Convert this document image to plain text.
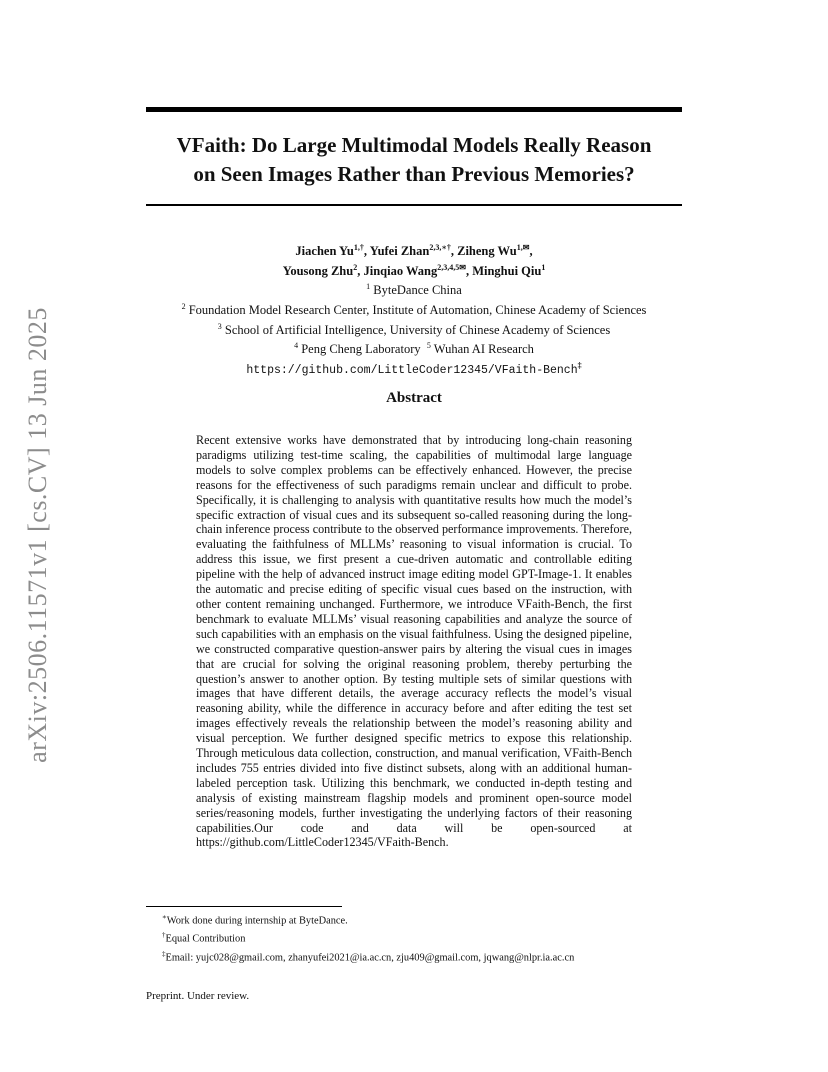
arXiv:2506.11571v1 [cs.CV] 13 Jun 2025
VFaith: Do Large Multimodal Models Really Reason
on Seen Images Rather than Previous Memories?
Jiachen $Yu^{1,\dagger}$, Yufei Zhan$^{2,3,∗\dagger}$, Ziheng $Wu^{1,✉}$,
Yousong Zhu$^2$, Jinqiao Wang$^{2,3,4,5✉}$, Minghui Qiu$^1$
$^1$ ByteDance China
$^2$ Foundation Model Research Center, Institute of Automation, Chinese Academy of Sciences
$^3$ School of Artificial Intelligence, University of Chinese Academy of Sciences
$^4$ Peng Cheng Laboratory $^5$ Wuhan AI Research
https://github.com/LittleCoder12345/VFaith-Bench‡
Abstract
Recent extensive works have demonstrated that by introducing long-chain reasoning paradigms utilizing test-time scaling, the capabilities of multimodal large language models to solve complex problems can be effectively enhanced. However, the precise reasons for the effectiveness of such paradigms remain unclear and difficult to probe. Specifically, it is challenging to analysis with quantitative results how much the model’s specific extraction of visual cues and its subsequent so-called reasoning during the long-chain inference process contribute to the observed performance improvements. Therefore, evaluating the faithfulness of MLLMs’ reasoning to visual information is crucial. To address this issue, we first present a cue-driven automatic and controllable editing pipeline with the help of advanced instruct image editing model GPT-Image-1. It enables the automatic and precise editing of specific visual cues based on the instruction, with other content remaining unchanged. Furthermore, we introduce VFaith-Bench, the first benchmark to evaluate MLLMs’ visual reasoning capabilities and analyze the source of such capabilities with an emphasis on the visual faithfulness. Using the designed pipeline, we constructed comparative question-answer pairs by altering the visual cues in images that are crucial for solving the original reasoning problem, thereby perturbing the question’s answer to another option. By testing multiple sets of similar questions with images that have different details, the average accuracy reflects the model’s visual reasoning ability, while the difference in accuracy before and after editing the test set images effectively reveals the relationship between the model’s reasoning ability and visual perception. We further designed specific metrics to expose this relationship. Through meticulous data collection, construction, and manual verification, VFaith-Bench includes 755 entries divided into five distinct subsets, along with an additional human-labeled perception task. Utilizing this benchmark, we conducted in-depth testing and analysis of existing mainstream flagship models and prominent open-source model series/reasoning models, further investigating the underlying factors of their reasoning capabilities.Our code and data will be open-sourced at https://github.com/LittleCoder12345/VFaith-Bench.
∗Work done during internship at ByteDance.
†Equal Contribution
‡Email: yujc028@gmail.com, zhanyufei2021@ia.ac.cn, zju409@gmail.com, jqwang@nlpr.ia.ac.cn
Preprint. Under review.
